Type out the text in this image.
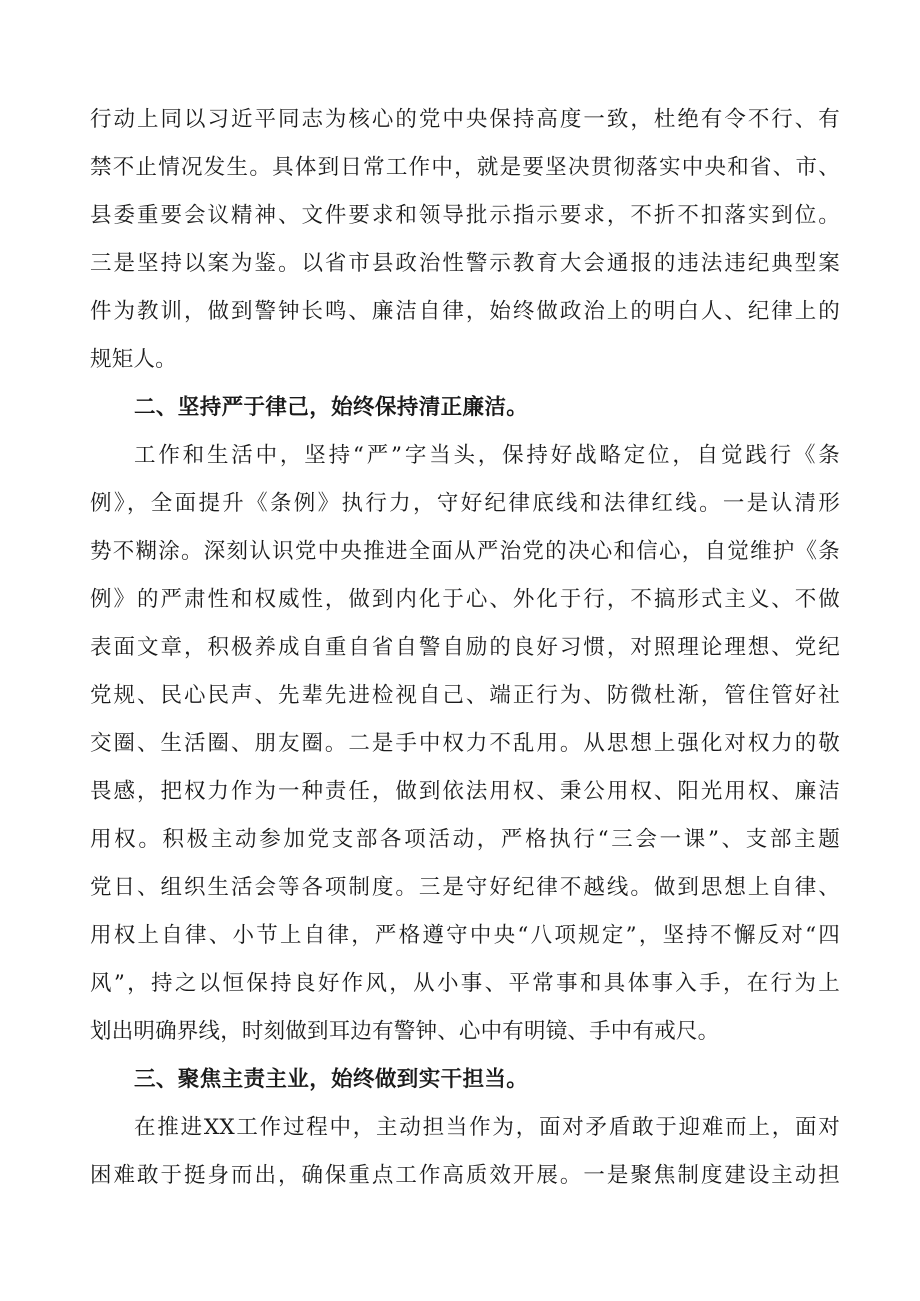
行动上同以习近平同志为核心的党中央保持高度一致，杜绝有令不行、有
禁不止情况发生。具体到日常工作中，就是要坚决贯彻落实中央和省、市、
县委重要会议精神、文件要求和领导批示指示要求，不折不扣落实到位。
三是坚持以案为鉴。以省市县政治性警示教育大会通报的违法违纪典型案
件为教训，做到警钟长鸣、廉洁自律，始终做政治上的明白人、纪律上的
规矩人。
二、坚持严于律己，始终保持清正廉洁。
工作和生活中，坚持“严”字当头，保持好战略定位，自觉践行《条
例》，全面提升《条例》执行力，守好纪律底线和法律红线。一是认清形
势不糊涂。深刻认识党中央推进全面从严治党的决心和信心，自觉维护《条
例》的严肃性和权威性，做到内化于心、外化于行，不搞形式主义、不做
表面文章，积极养成自重自省自警自励的良好习惯，对照理论理想、党纪
党规、民心民声、先辈先进检视自己、端正行为、防微杜渐，管住管好社
交圈、生活圈、朋友圈。二是手中权力不乱用。从思想上强化对权力的敬
畏感，把权力作为一种责任，做到依法用权、秉公用权、阳光用权、廉洁
用权。积极主动参加党支部各项活动，严格执行“三会一课”、支部主题
党日、组织生活会等各项制度。三是守好纪律不越线。做到思想上自律、
用权上自律、小节上自律，严格遵守中央“八项规定”，坚持不懈反对“四
风”，持之以恒保持良好作风，从小事、平常事和具体事入手，在行为上
划出明确界线，时刻做到耳边有警钟、心中有明镜、手中有戒尺。
三、聚焦主责主业，始终做到实干担当。
在推进XX工作过程中，主动担当作为，面对矛盾敢于迎难而上，面对
困难敢于挺身而出，确保重点工作高质效开展。一是聚焦制度建设主动担
